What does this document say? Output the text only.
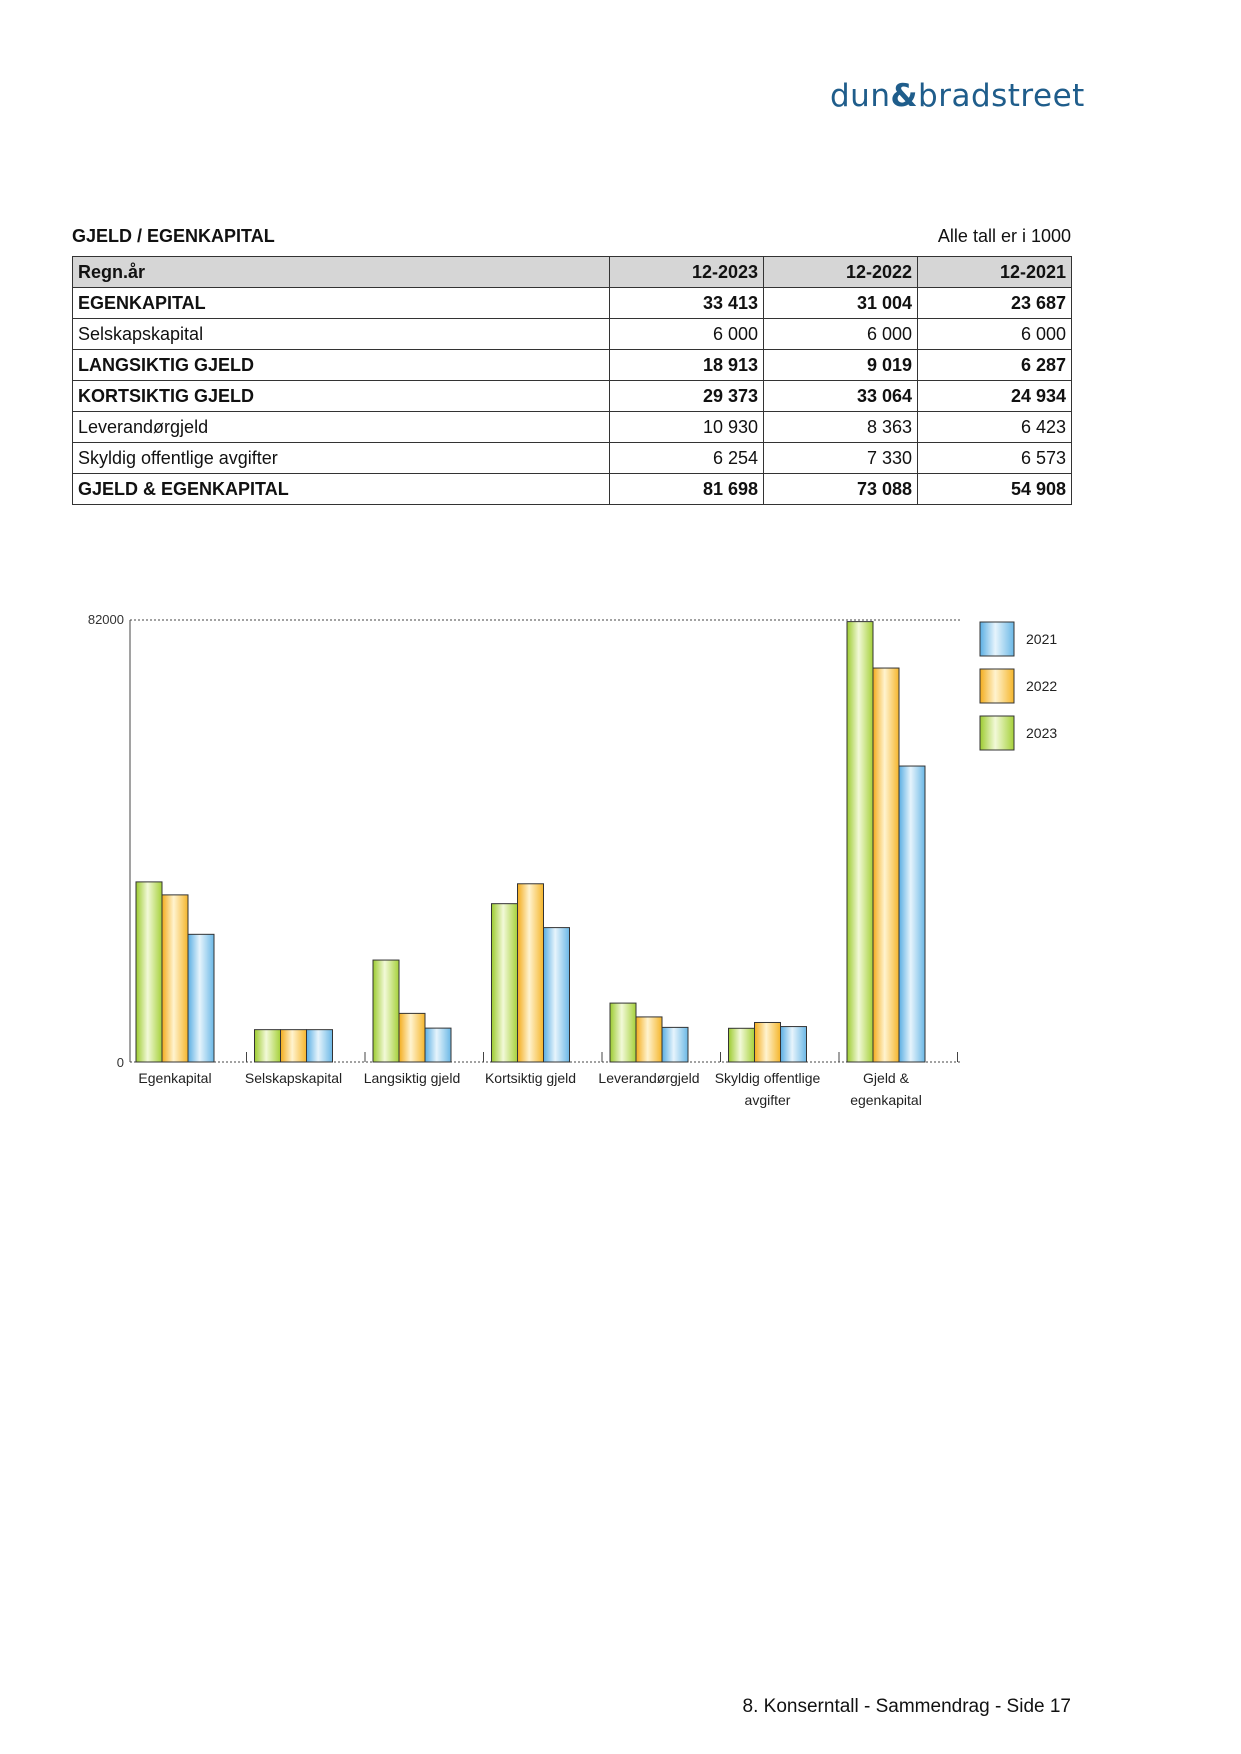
dun&bradstreet
GJELD / EGENKAPITAL	Alle tall er i 1000
Regn.år	12-2023	12-2022	12-2021
EGENKAPITAL	33 413	31 004	23 687
Selskapskapital	6 000	6 000	6 000
LANGSIKTIG GJELD	18 913	9 019	6 287
KORTSIKTIG GJELD	29 373	33 064	24 934
Leverandørgjeld	10 930	8 363	6 423
Skyldig offentlige avgifter	6 254	7 330	6 573
GJELD & EGENKAPITAL	81 698	73 088	54 908
82000
0
Egenkapital Selskapskapital Langsiktig gjeld Kortsiktig gjeld Leverandørgjeld Skyldig offentlige
avgifter
Gjeld &
egenkapital
2021
2022
2023
8. Konserntall - Sammendrag - Side 17
